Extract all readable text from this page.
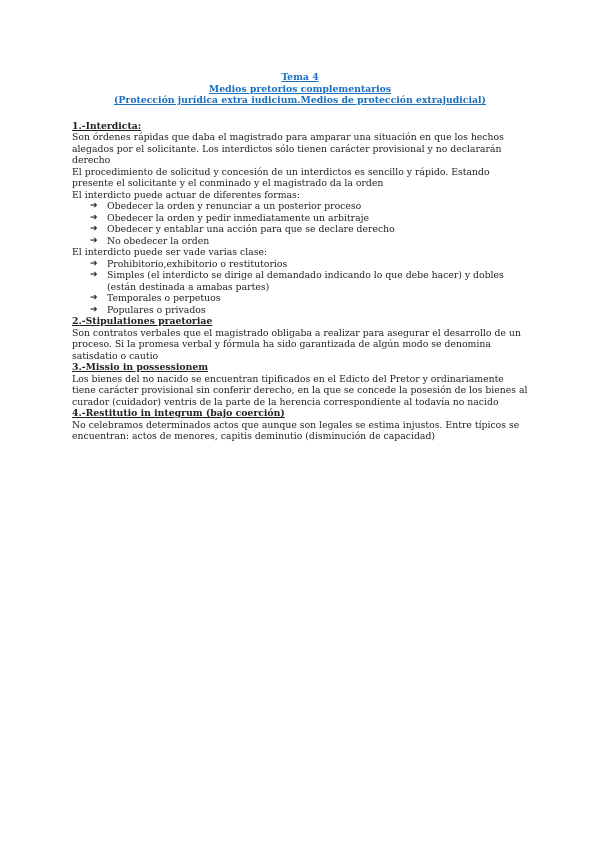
Tema 4
Medios pretorios complementarios
(Protección jurídica extra iudicium.Medios de protección extrajudicial)
1.-Interdicta:

Son órdenes rápidas que daba el magistrado para amparar una situación en que los hechos alegados por el solicitante. Los interdictos sólo tienen carácter provisional y no declararán derecho

El procedimiento de solicitud y concesión de un interdictos es sencillo y rápido. Estando presente el solicitante y el conminado y el magistrado da la orden

El interdicto puede actuar de diferentes formas:

➔ Obedecer la orden y renunciar a un posterior proceso
➔ Obedecer la orden y pedir inmediatamente un arbitraje
➔ Obedecer y entablar una acción para que se declare derecho
➔ No obedecer la orden

El interdicto puede ser vade varias clase:

➔ Prohibitorio,exhibitorio o restitutorios
➔ Simples (el interdicto se dirige al demandado indicando lo que debe hacer) y dobles (están destinada a amabas partes)
➔ Temporales o perpetuos
➔ Populares o privados
2.-Stipulationes praetoriae

Son contratos verbales que el magistrado obligaba a realizar para asegurar el desarrollo de un proceso. Si la promesa verbal y fórmula ha sido garantizada de algún modo se denomina satisdatio o cautio

3.-Missio in possessionem

Los bienes del no nacido se encuentran tipificados en el Edicto del Pretor y ordinariamente tiene carácter provisional sin conferir derecho, en la que se concede la posesión de los bienes al curador (cuidador) ventris de la parte de la herencia correspondiente al todavía no nacido

4.-Restitutio in integrum (bajo coerción)

No celebramos determinados actos que aunque son legales se estima injustos. Entre típicos se encuentran: actos de menores, capitis deminutio (disminución de capacidad)
